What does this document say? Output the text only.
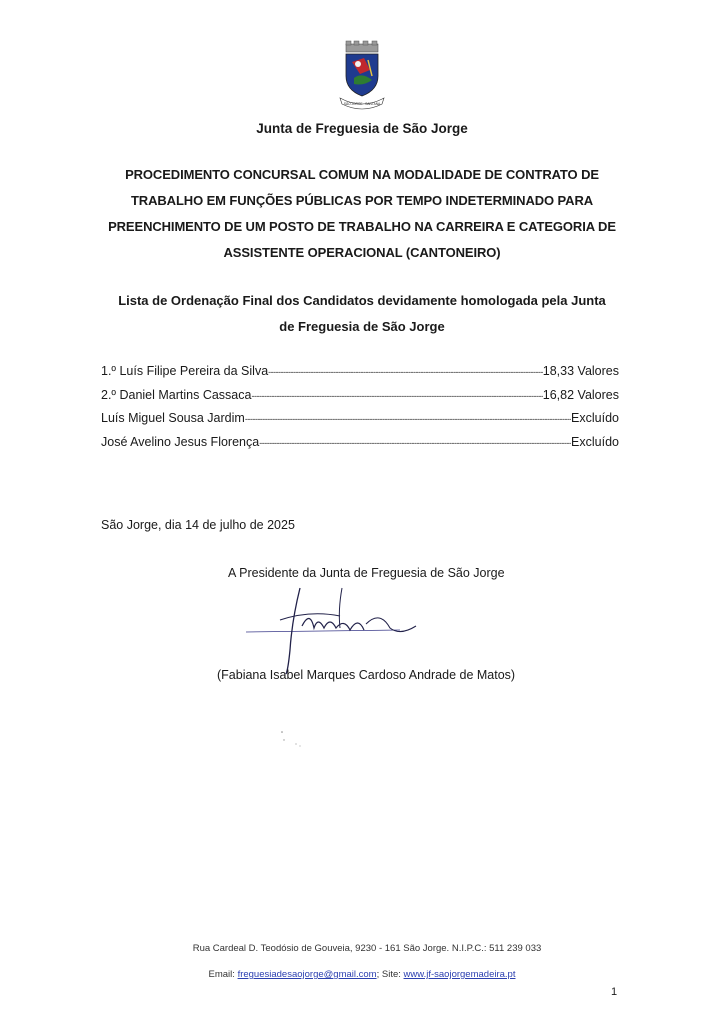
SÃO JORGE · SANTANA
Junta de Freguesia de São Jorge
PROCEDIMENTO CONCURSAL COMUM NA MODALIDADE DE CONTRATO DE TRABALHO EM FUNÇÕES PÚBLICAS POR TEMPO INDETERMINADO PARA PREENCHIMENTO DE UM POSTO DE TRABALHO NA CARREIRA E CATEGORIA DE ASSISTENTE OPERACIONAL (CANTONEIRO)
Lista de Ordenação Final dos Candidatos devidamente homologada pela Junta de Freguesia de São Jorge
1.º Luís Filipe Pereira da Silva -----	18,33 Valores
2.º Daniel Martins Cassaca -----	16,82 Valores
Luís Miguel Sousa Jardim -----	Excluído
José Avelino Jesus Florença -----	Excluído
São Jorge, dia 14 de julho de 2025
A Presidente da Junta de Freguesia de São Jorge
(Fabiana Isabel Marques Cardoso Andrade de Matos)
Rua Cardeal D. Teodósio de Gouveia, 9230 - 161 São Jorge. N.I.P.C.: 511 239 033
Email: freguesiadesaojorge@gmail.com; Site: www.jf-saojorgemadeira.pt
1
